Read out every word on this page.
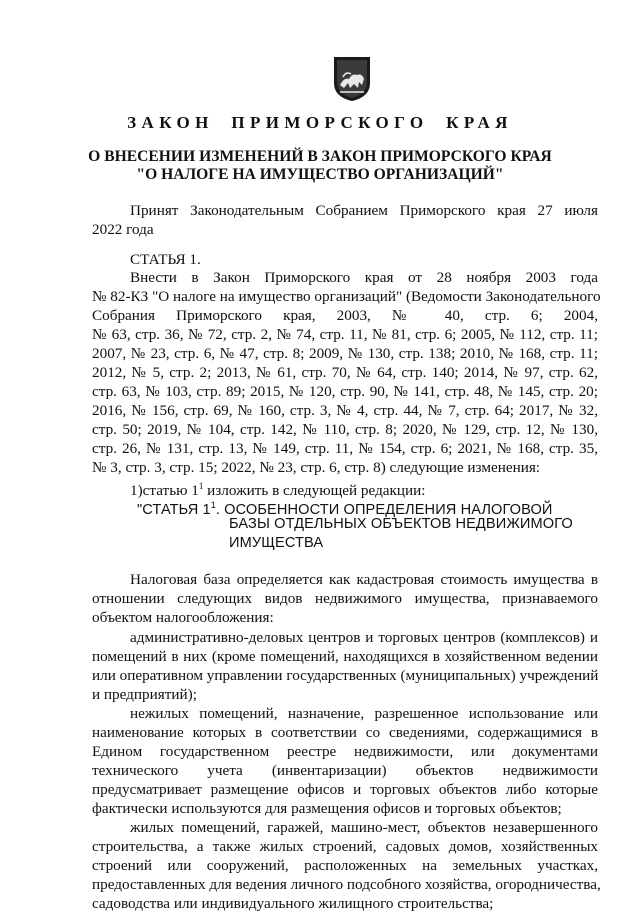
ЗАКОН ПРИМОРСКОГО КРАЯ
О ВНЕСЕНИИ ИЗМЕНЕНИЙ В ЗАКОН ПРИМОРСКОГО КРАЯ
"О НАЛОГЕ НА ИМУЩЕСТВО ОРГАНИЗАЦИЙ"
Принят Законодательным Собранием Приморского края 27 июля
2022 года
СТАТЬЯ 1.
Внести в Закон Приморского края от 28 ноября 2003 года
№ 82-КЗ "О налоге на имущество организаций" (Ведомости Законодательного
Собрания Приморского края, 2003, № 40, стр. 6; 2004,
№ 63, стр. 36, № 72, стр. 2, № 74, стр. 11, № 81, стр. 6; 2005, № 112, стр. 11;
2007, № 23, стр. 6, № 47, стр. 8; 2009, № 130, стр. 138; 2010, № 168, стр. 11;
2012, № 5, стр. 2; 2013, № 61, стр. 70, № 64, стр. 140; 2014, № 97, стр. 62,
стр. 63, № 103, стр. 89; 2015, № 120, стр. 90, № 141, стр. 48, № 145, стр. 20;
2016, № 156, стр. 69, № 160, стр. 3, № 4, стр. 44, № 7, стр. 64; 2017, № 32,
стр. 50; 2019, № 104, стр. 142, № 110, стр. 8; 2020, № 129, стр. 12, № 130,
стр. 26, № 131, стр. 13, № 149, стр. 11, № 154, стр. 6; 2021, № 168, стр. 35,
№ 3, стр. 3, стр. 15; 2022, № 23, стр. 6, стр. 8) следующие изменения:
1)статью $1^1$ изложить в следующей редакции:
"СТАТЬЯ $1^1$. ОСОБЕННОСТИ ОПРЕДЕЛЕНИЯ НАЛОГОВОЙ
БАЗЫ ОТДЕЛЬНЫХ ОБЪЕКТОВ НЕДВИЖИМОГО
ИМУЩЕСТВА
Налоговая база определяется как кадастровая стоимость имущества в
отношении следующих видов недвижимого имущества, признаваемого
объектом налогообложения:
административно-деловых центров и торговых центров (комплексов) и
помещений в них (кроме помещений, находящихся в хозяйственном ведении
или оперативном управлении государственных (муниципальных) учреждений
и предприятий);
нежилых помещений, назначение, разрешенное использование или
наименование которых в соответствии со сведениями, содержащимися в
Едином государственном реестре недвижимости, или документами
технического учета (инвентаризации) объектов недвижимости
предусматривает размещение офисов и торговых объектов либо которые
фактически используются для размещения офисов и торговых объектов;
жилых помещений, гаражей, машино-мест, объектов незавершенного
строительства, а также жилых строений, садовых домов, хозяйственных
строений или сооружений, расположенных на земельных участках,
предоставленных для ведения личного подсобного хозяйства, огородничества,
садоводства или индивидуального жилищного строительства;
